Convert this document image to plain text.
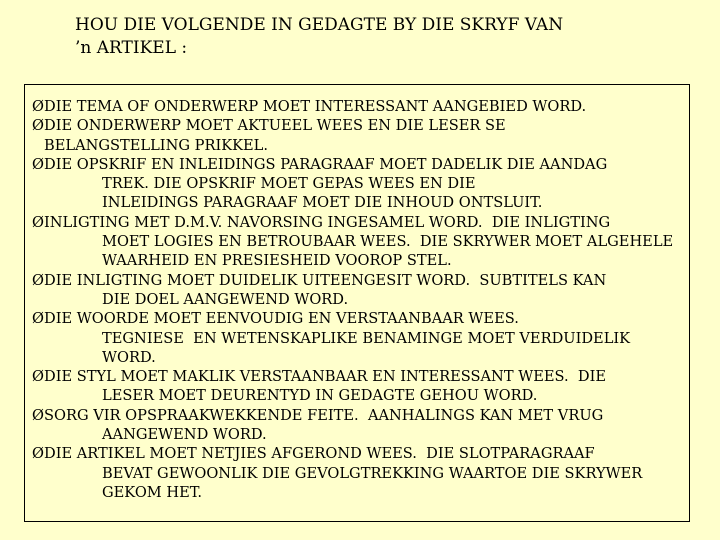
HOU DIE VOLGENDE IN GEDAGTE BY DIE SKRYF VAN
’n ARTIKEL :
ØDIE TEMA OF ONDERWERP MOET INTERESSANT AANGEBIED WORD.
ØDIE ONDERWERP MOET AKTUEEL WEES EN DIE LESER SE
BELANGSTELLING PRIKKEL.
ØDIE OPSKRIF EN INLEIDINGS PARAGRAAF MOET DADELIK DIE AANDAG
TREK. DIE OPSKRIF MOET GEPAS WEES EN DIE
INLEIDINGS PARAGRAAF MOET DIE INHOUD ONTSLUIT.
ØINLIGTING MET D.M.V. NAVORSING INGESAMEL WORD.  DIE INLIGTING
MOET LOGIES EN BETROUBAAR WEES.  DIE SKRYWER MOET ALGEHELE
WAARHEID EN PRESIESHEID VOOROP STEL.
ØDIE INLIGTING MOET DUIDELIK UITEENGESIT WORD.  SUBTITELS KAN
DIE DOEL AANGEWEND WORD.
ØDIE WOORDE MOET EENVOUDIG EN VERSTAANBAAR WEES.
TEGNIESE  EN WETENSKAPLIKE BENAMINGE MOET VERDUIDELIK
WORD.
ØDIE STYL MOET MAKLIK VERSTAANBAAR EN INTERESSANT WEES.  DIE
LESER MOET DEURENTYD IN GEDAGTE GEHOU WORD.
ØSORG VIR OPSPRAAKWEKKENDE FEITE.  AANHALINGS KAN MET VRUG
AANGEWEND WORD.
ØDIE ARTIKEL MOET NETJIES AFGEROND WEES.  DIE SLOTPARAGRAAF
BEVAT GEWOONLIK DIE GEVOLGTREKKING WAARTOE DIE SKRYWER
GEKOM HET.
